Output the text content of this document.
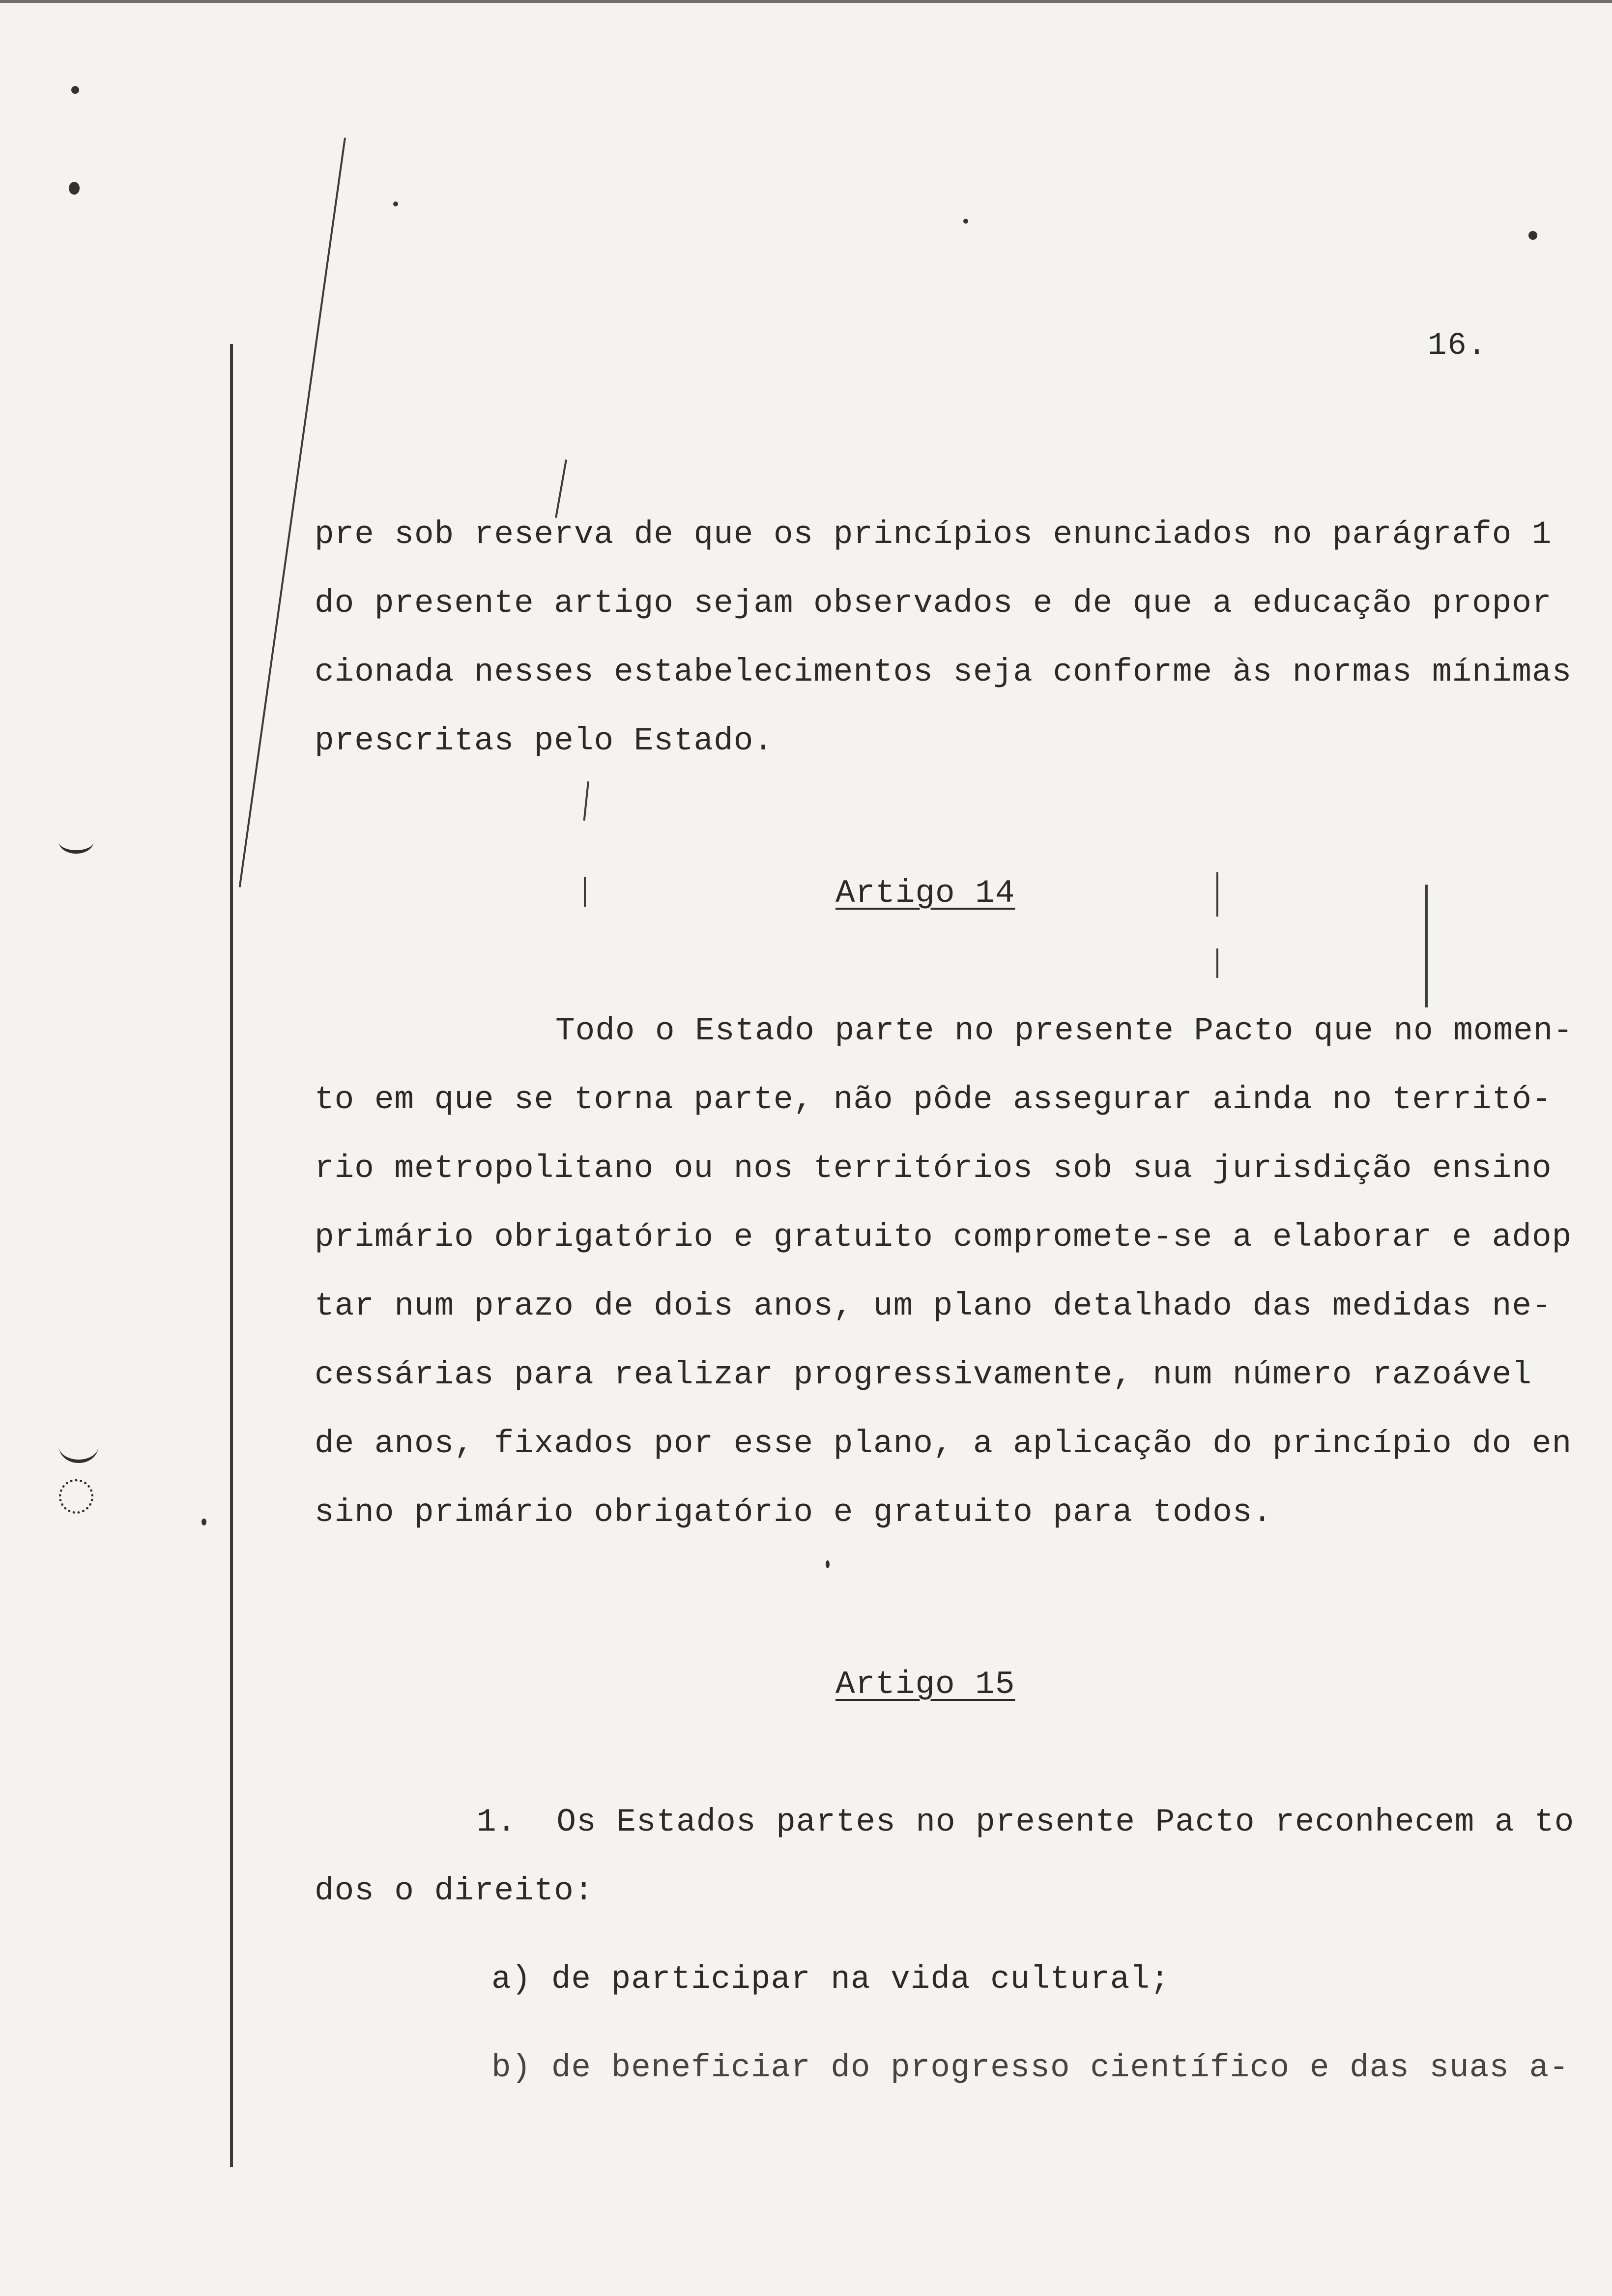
16.
pre sob reserva de que os princípios enunciados no parágrafo 1
do presente artigo sejam observados e de que a educação propor
cionada nesses estabelecimentos seja conforme às normas mínimas
prescritas pelo Estado.
Artigo 14
Todo o Estado parte no presente Pacto que no momen-
to em que se torna parte, não pôde assegurar ainda no territó-
rio metropolitano ou nos territórios sob sua jurisdição ensino
primário obrigatório e gratuito compromete-se a elaborar e adop
tar num prazo de dois anos, um plano detalhado das medidas ne-
cessárias para realizar progressivamente, num número razoável
de anos, fixados por esse plano, a aplicação do princípio do en
sino primário obrigatório e gratuito para todos.
Artigo 15
1.  Os Estados partes no presente Pacto reconhecem a to
dos o direito:
a) de participar na vida cultural;
b) de beneficiar do progresso científico e das suas a-
